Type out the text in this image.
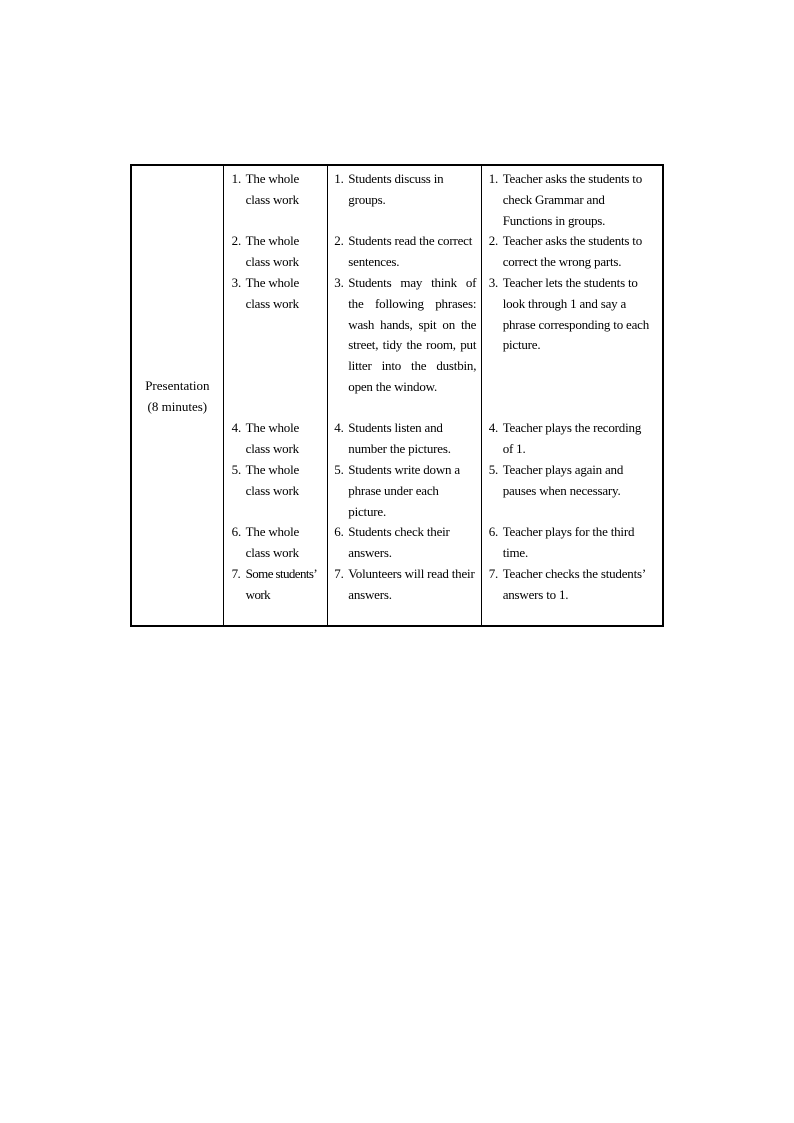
Presentation
(8 minutes)
1. The whole class work
2. The whole class work
3. The whole class work
4. The whole class work
5. The whole class work
6. The whole class work
7. Some students’ work
1. Students discuss in groups.
2. Students read the correct sentences.
3. Students may think of the following phrases: wash hands, spit on the street, tidy the room, put litter into the dustbin, open the window.
4. Students listen and number the pictures.
5. Students write down a phrase under each picture.
6. Students check their answers.
7. Volunteers will read their answers.
1. Teacher asks the students to check Grammar and Functions in groups.
2. Teacher asks the students to correct the wrong parts.
3. Teacher lets the students to look through 1 and say a phrase corresponding to each picture.
4. Teacher plays the recording of 1.
5. Teacher plays again and pauses when necessary.
6. Teacher plays for the third time.
7. Teacher checks the students’ answers to 1.
